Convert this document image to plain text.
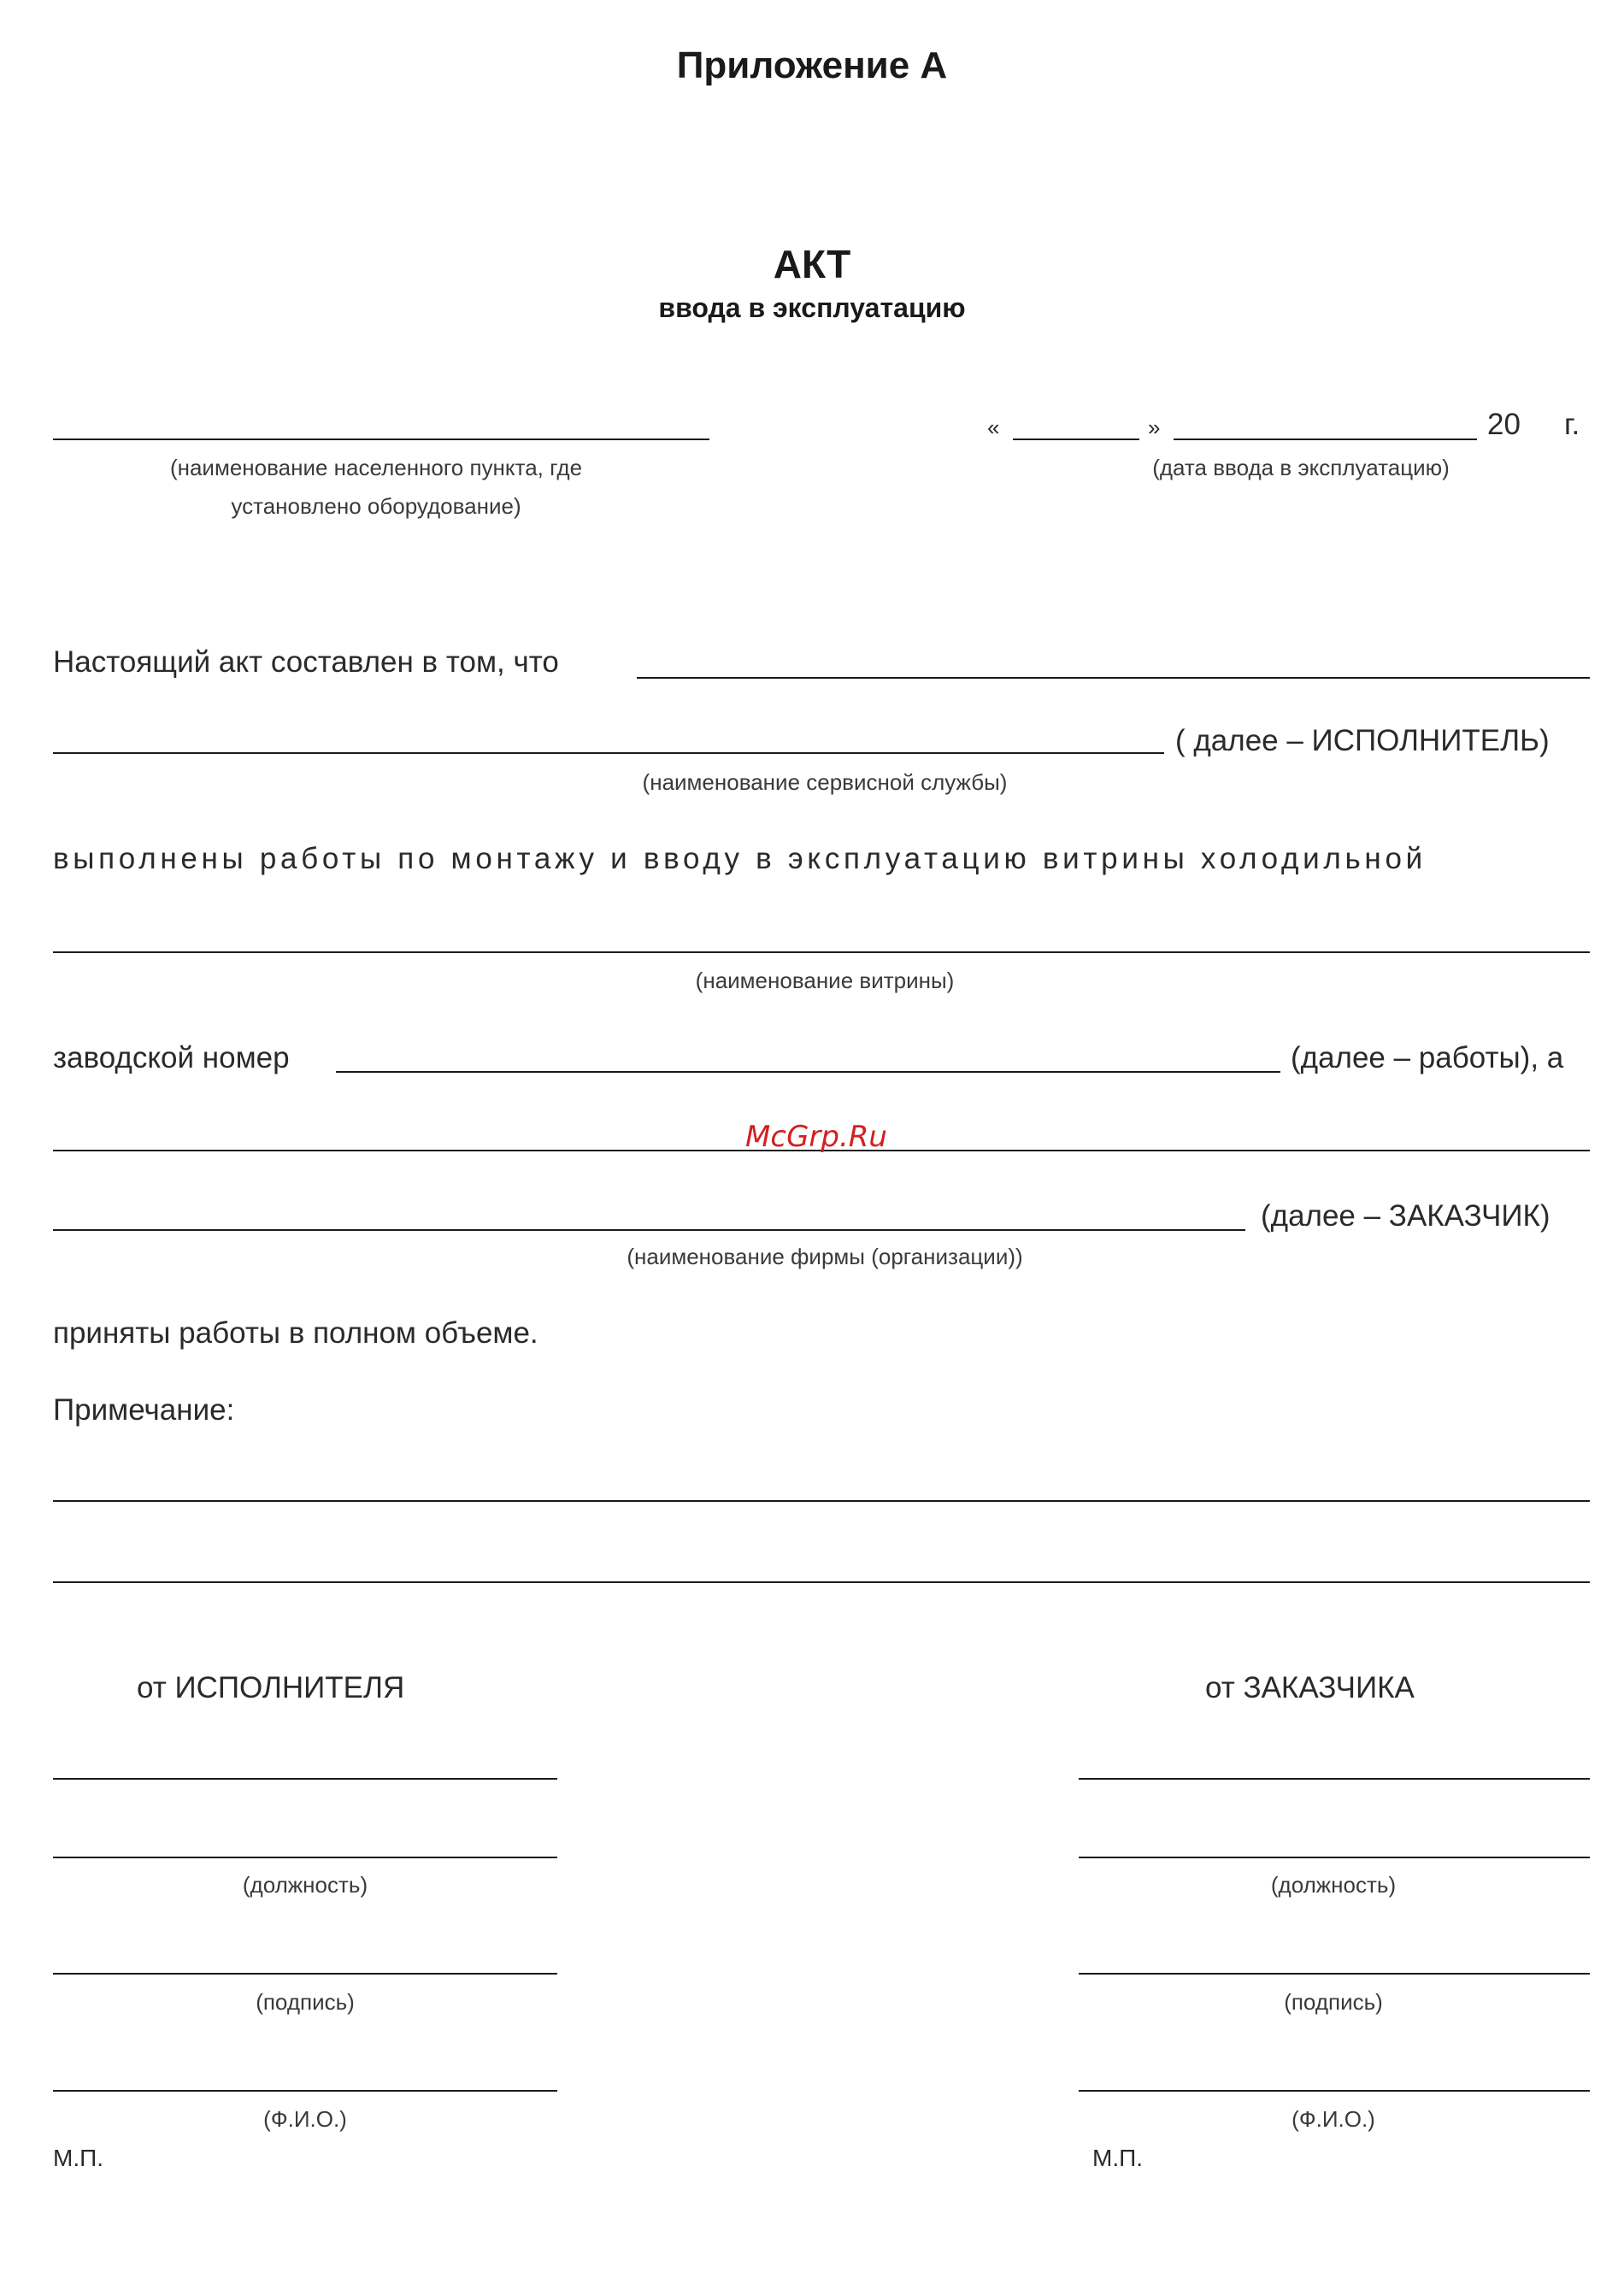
Приложение А
АКТ
ввода в эксплуатацию
(наименование населенного пункта, где
установлено оборудование)
«	»	20 г.
(дата ввода в эксплуатацию)
Настоящий акт составлен в том, что
( далее – ИСПОЛНИТЕЛЬ)
(наименование сервисной службы)
выполнены работы по монтажу и вводу в эксплуатацию витрины холодильной
(наименование витрины)
заводской номер	(далее – работы), а
McGrp.Ru
(далее – ЗАКАЗЧИК)
(наименование фирмы (организации))
приняты работы в полном объеме.
Примечание:
от ИСПОЛНИТЕЛЯ
(должность)
(подпись)
(Ф.И.О.)
М.П.
от ЗАКАЗЧИКА
(должность)
(подпись)
(Ф.И.О.)
М.П.
